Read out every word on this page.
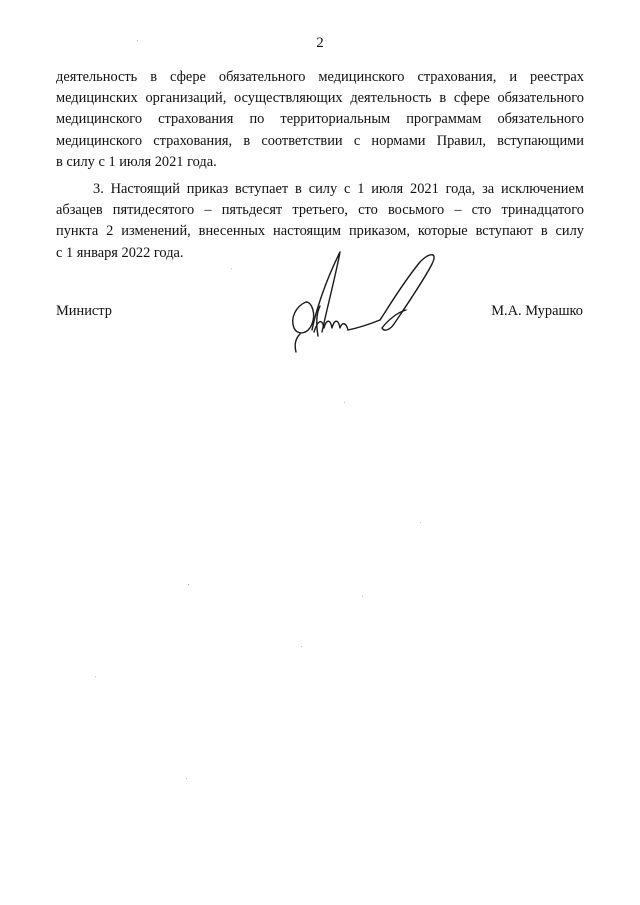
2
деятельность в сфере обязательного медицинского страхования, и реестрах
медицинских организаций, осуществляющих деятельность в сфере обязательного
медицинского страхования по территориальным программам обязательного
медицинского страхования, в соответствии с нормами Правил, вступающими
в силу с 1 июля 2021 года.
3. Настоящий приказ вступает в силу с 1 июля 2021 года, за исключением
абзацев пятидесятого – пятьдесят третьего, сто восьмого – сто тринадцатого
пункта 2 изменений, внесенных настоящим приказом, которые вступают в силу
с 1 января 2022 года.
Министр	М.А. Мурашко
